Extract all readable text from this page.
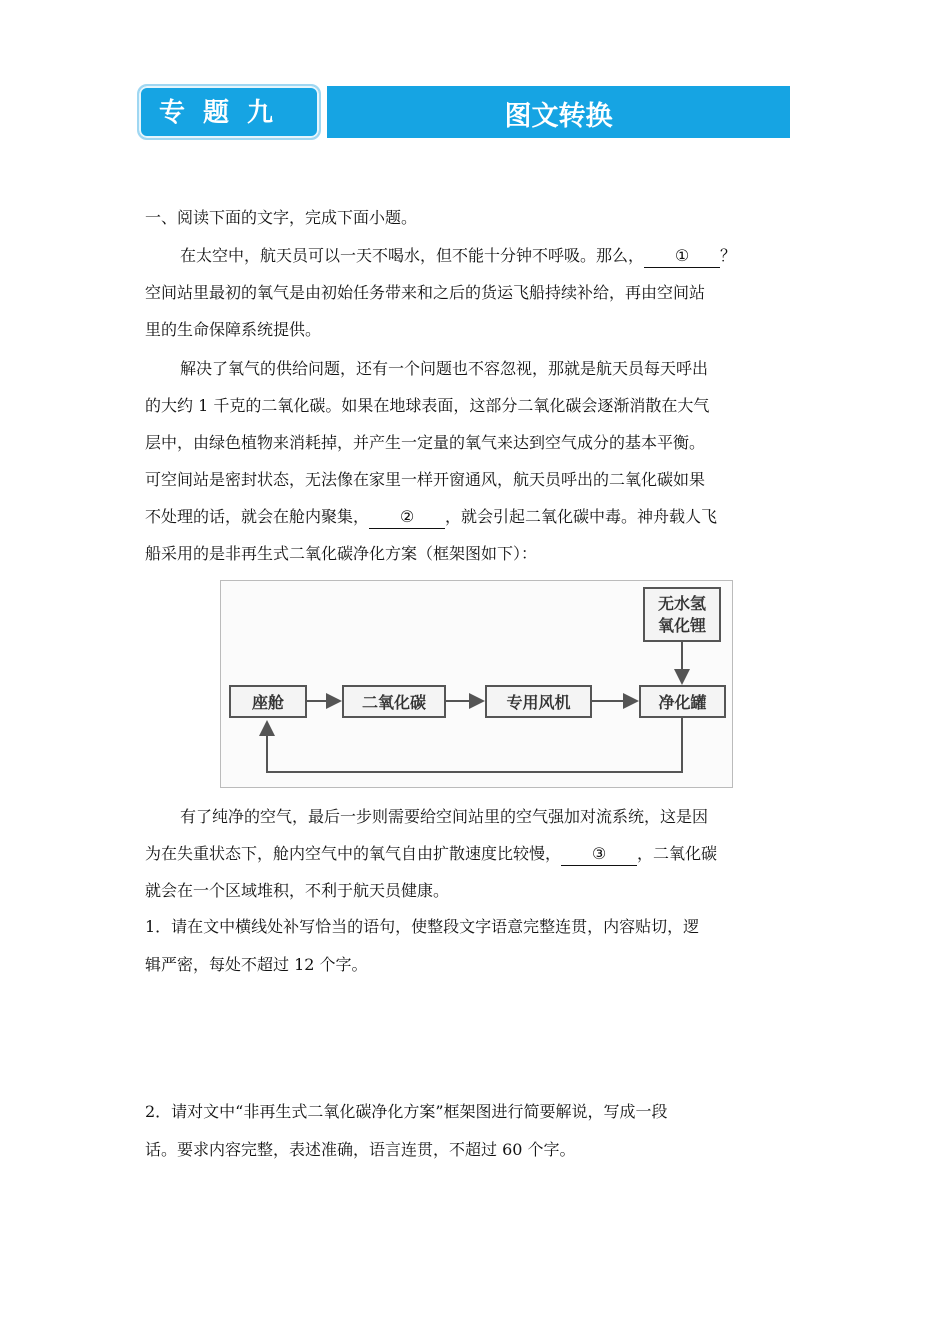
专题九	图文转换
一、阅读下面的文字，完成下面小题。
在太空中，航天员可以一天不喝水，但不能十分钟不呼吸。那么， ① ？
空间站里最初的氧气是由初始任务带来和之后的货运飞船持续补给，再由空间站
里的生命保障系统提供。
解决了氧气的供给问题，还有一个问题也不容忽视，那就是航天员每天呼出
的大约 1 千克的二氧化碳。如果在地球表面，这部分二氧化碳会逐渐消散在大气
层中，由绿色植物来消耗掉，并产生一定量的氧气来达到空气成分的基本平衡。
可空间站是密封状态，无法像在家里一样开窗通风，航天员呼出的二氧化碳如果
不处理的话，就会在舱内聚集， ② ，就会引起二氧化碳中毒。神舟载人飞
船采用的是非再生式二氧化碳净化方案（框架图如下）：
座舱	二氧化碳	专用风机	净化罐
无水氢
氧化锂
有了纯净的空气，最后一步则需要给空间站里的空气强加对流系统，这是因
为在失重状态下，舱内空气中的氧气自由扩散速度比较慢， ③ ，二氧化碳
就会在一个区域堆积，不利于航天员健康。
1．请在文中横线处补写恰当的语句，使整段文字语意完整连贯，内容贴切，逻
辑严密，每处不超过 12 个字。
2．请对文中“非再生式二氧化碳净化方案”框架图进行简要解说，写成一段
话。要求内容完整，表述准确，语言连贯，不超过 60 个字。
